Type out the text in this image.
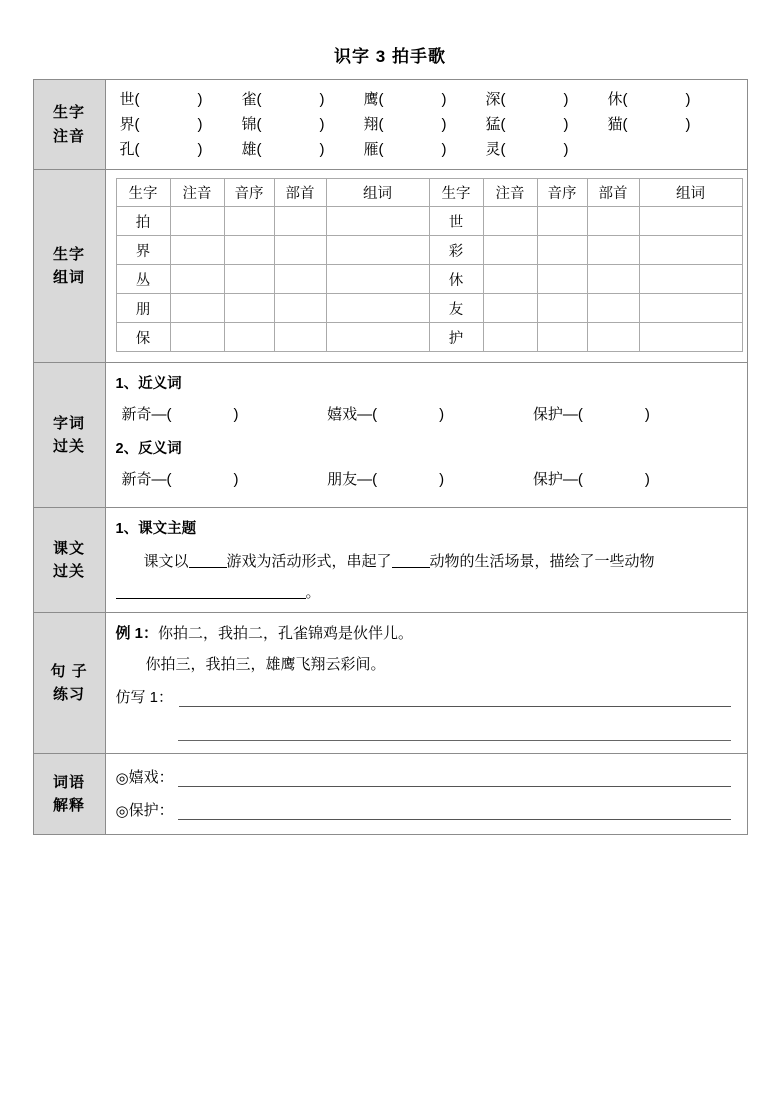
识字 3 拍手歌
生字
注音

世(	)	雀(	)	鹰(	)	深(	)	休(	)
界(	)	锦(	)	翔(	)	猛(	)	猫(	)
孔(	)	雄(	)	雁(	)	灵(	)

生字
组词

生字	注音	音序	部首	组词	生字	注音	音序	部首	组词
拍					世				
界					彩				
丛					休				
朋					友				
保					护				

字词
过关

1、近义词
新奇—(	)	嬉戏—(	)	保护—(	)
2、反义词
新奇—(	)	朋友—(	)	保护—(	)

课文
过关

1、课文主题
课文以	游戏为活动形式，串起了	动物的生活场景，描绘了一些动物
。

句 子
练习

例 1：你拍二，我拍二，孔雀锦鸡是伙伴儿。
你拍三，我拍三，雄鹰飞翔云彩间。
仿写 1：

词语
解释

◎ 嬉戏：
◎ 保护：
